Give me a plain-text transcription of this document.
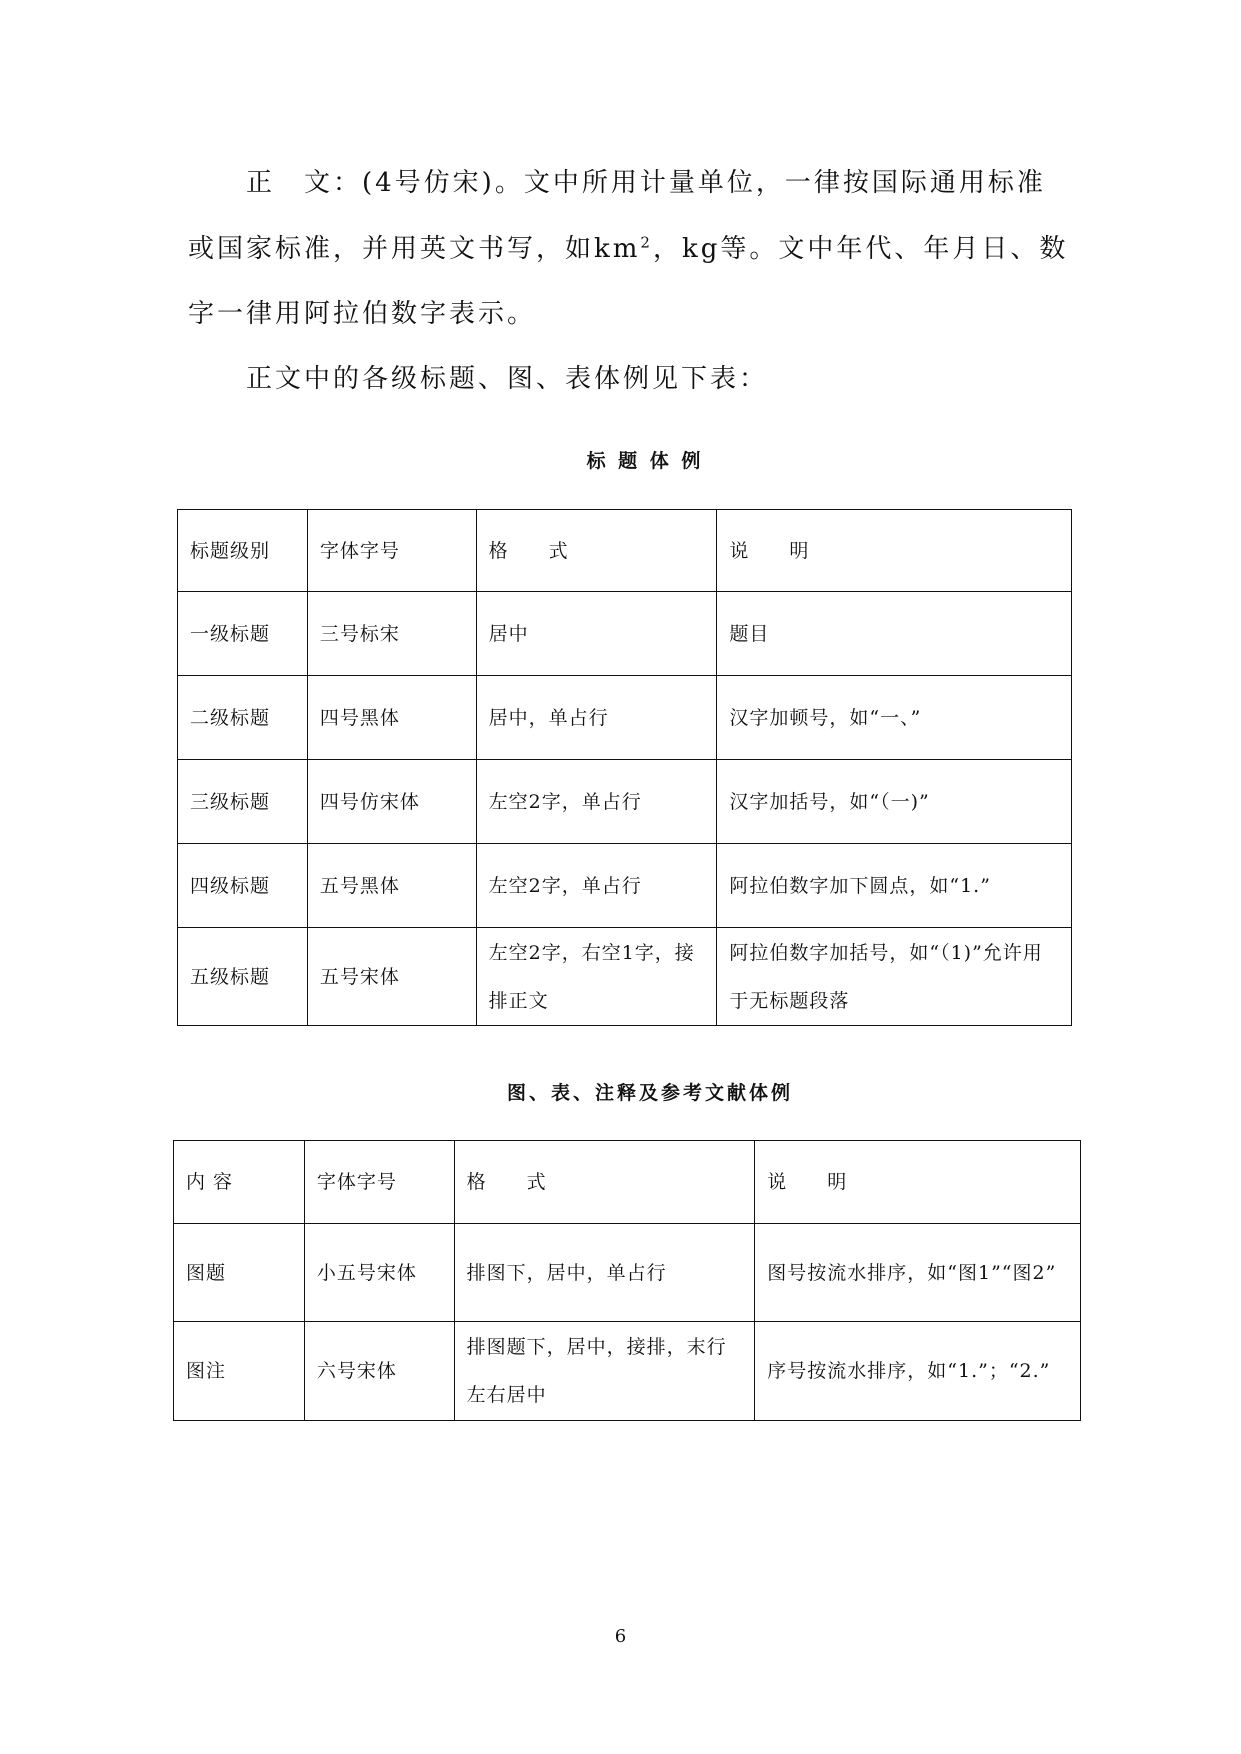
正　文：(4号仿宋)。文中所用计量单位，一律按国际通用标准
或国家标准，并用英文书写，如$km^2$，kg等。文中年代、年月日、数
字一律用阿拉伯数字表示。
正文中的各级标题、图、表体例见下表：
标 题 体 例
标题级别	字体字号	格　　式	说　　明
一级标题	三号标宋	居中	题目
二级标题	四号黑体	居中，单占行	汉字加顿号，如“一、”
三级标题	四号仿宋体	左空2字，单占行	汉字加括号，如“（一)”
四级标题	五号黑体	左空2字，单占行	阿拉伯数字加下圆点，如“1.”
五级标题	五号宋体	左空2字，右空1字，接排正文	阿拉伯数字加括号，如“（1)”允许用于无标题段落
图、表、注释及参考文献体例
内 容	字体字号	格　　式	说　　明
图题	小五号宋体	排图下，居中，单占行	图号按流水排序，如“图1”“图2”
图注	六号宋体	排图题下，居中，接排，末行左右居中	序号按流水排序，如“1.”；“2.”
6
